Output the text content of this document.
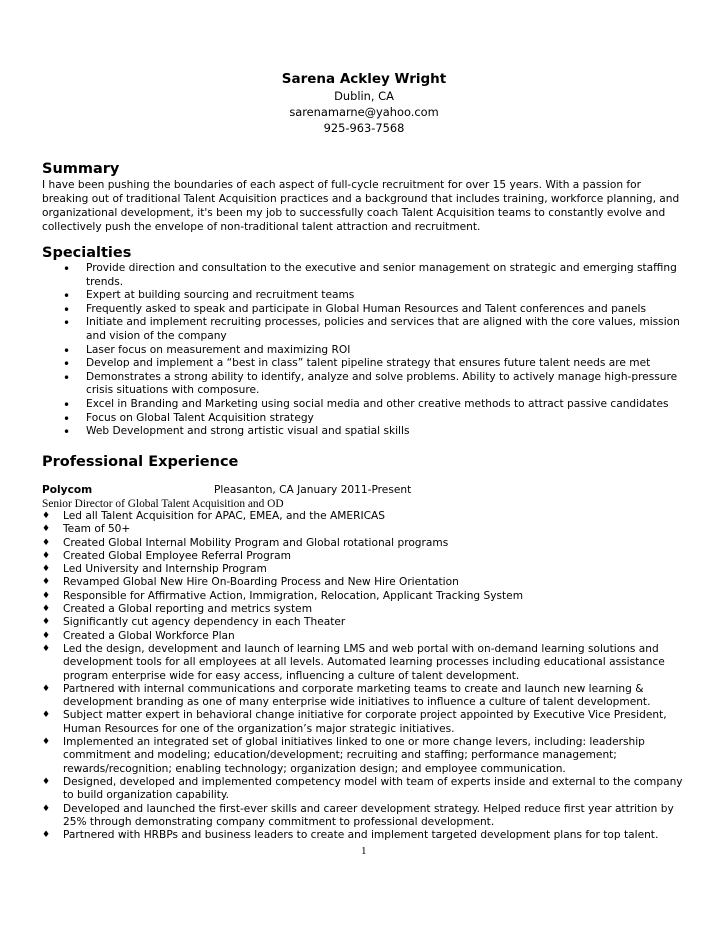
Sarena Ackley Wright
Dublin, CA
sarenamarne@yahoo.com
925-963-7568
Summary
I have been pushing the boundaries of each aspect of full-cycle recruitment for over 15 years. With a passion for breaking out of traditional Talent Acquisition practices and a background that includes training, workforce planning, and organizational development, it's been my job to successfully coach Talent Acquisition teams to constantly evolve and collectively push the envelope of non-traditional talent attraction and recruitment.
Specialties
• Provide direction and consultation to the executive and senior management on strategic and emerging staffing trends.
• Expert at building sourcing and recruitment teams
• Frequently asked to speak and participate in Global Human Resources and Talent conferences and panels
• Initiate and implement recruiting processes, policies and services that are aligned with the core values, mission and vision of the company
• Laser focus on measurement and maximizing ROI
• Develop and implement a “best in class” talent pipeline strategy that ensures future talent needs are met
• Demonstrates a strong ability to identify, analyze and solve problems. Ability to actively manage high-pressure crisis situations with composure.
• Excel in Branding and Marketing using social media and other creative methods to attract passive candidates
• Focus on Global Talent Acquisition strategy
• Web Development and strong artistic visual and spatial skills
Professional Experience
Polycom	Pleasanton, CA January 2011-Present
Senior Director of Global Talent Acquisition and OD
♦ Led all Talent Acquisition for APAC, EMEA, and the AMERICAS
♦ Team of 50+
♦ Created Global Internal Mobility Program and Global rotational programs
♦ Created Global Employee Referral Program
♦ Led University and Internship Program
♦ Revamped Global New Hire On-Boarding Process and New Hire Orientation
♦ Responsible for Affirmative Action, Immigration, Relocation, Applicant Tracking System
♦ Created a Global reporting and metrics system
♦ Significantly cut agency dependency in each Theater
♦ Created a Global Workforce Plan
♦ Led the design, development and launch of learning LMS and web portal with on-demand learning solutions and development tools for all employees at all levels. Automated learning processes including educational assistance program enterprise wide for easy access, influencing a culture of talent development.
♦ Partnered with internal communications and corporate marketing teams to create and launch new learning & development branding as one of many enterprise wide initiatives to influence a culture of talent development.
♦ Subject matter expert in behavioral change initiative for corporate project appointed by Executive Vice President, Human Resources for one of the organization’s major strategic initiatives.
♦ Implemented an integrated set of global initiatives linked to one or more change levers, including: leadership commitment and modeling; education/development; recruiting and staffing; performance management; rewards/recognition; enabling technology; organization design; and employee communication.
♦ Designed, developed and implemented competency model with team of experts inside and external to the company to build organization capability.
♦ Developed and launched the first-ever skills and career development strategy. Helped reduce first year attrition by 25% through demonstrating company commitment to professional development.
♦ Partnered with HRBPs and business leaders to create and implement targeted development plans for top talent.
1
